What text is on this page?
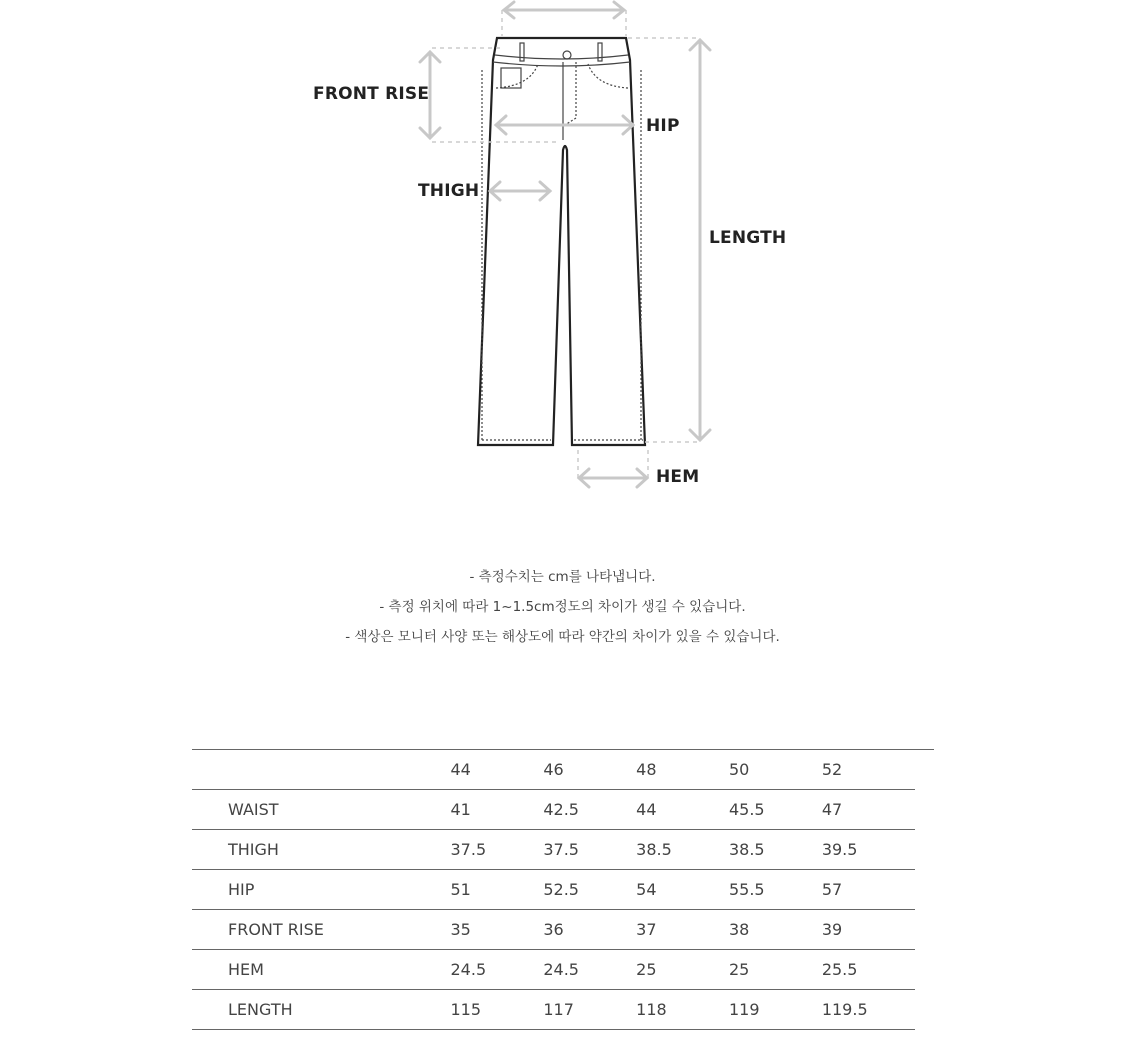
FRONT RISE
HIP
THIGH
LENGTH
HEM
- 측정수치는 cm를 나타냅니다.
- 측정 위치에 따라 1~1.5cm정도의 차이가 생길 수 있습니다.
- 색상은 모니터 사양 또는 해상도에 따라 약간의 차이가 있을 수 있습니다.
	44	46	48	50	52	
WAIST	41	42.5	44	45.5	47	
THIGH	37.5	37.5	38.5	38.5	39.5	
HIP	51	52.5	54	55.5	57	
FRONT RISE	35	36	37	38	39	
HEM	24.5	24.5	25	25	25.5	
LENGTH	115	117	118	119	119.5	
